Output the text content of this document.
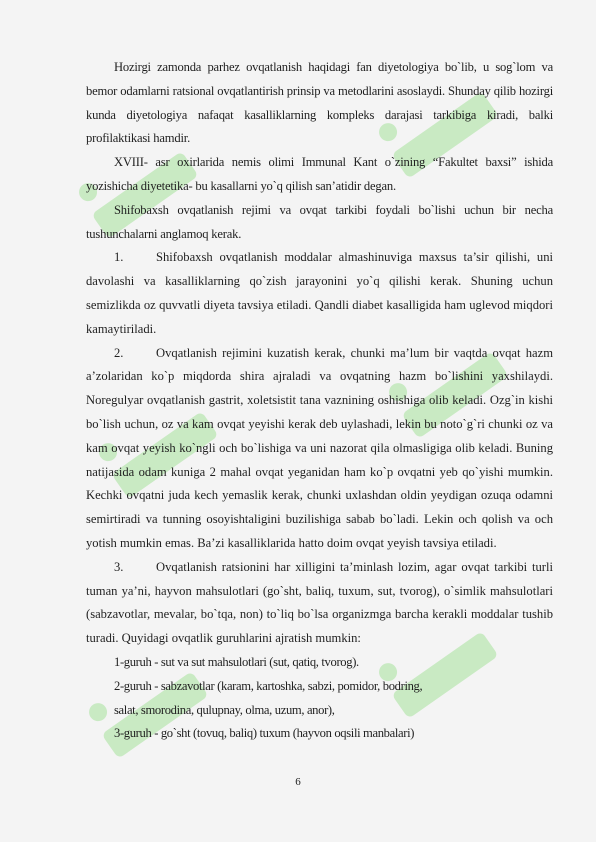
Hozirgi zamonda parhez ovqatlanish haqidagi fan diyetologiya bo`lib, u sog`lom va bemor odamlarni ratsional ovqatlantirish prinsip va metodlarini asoslaydi. Shunday qilib hozirgi kunda diyetologiya nafaqat kasalliklarning kompleks darajasi tarkibiga kiradi, balki profilaktikasi hamdir.

XVIII- asr oxirlarida nemis olimi Immunal Kant o`zining “Fakultet baxsi” ishida yozishicha diyetetika- bu kasallarni yo`q qilish san’atidir degan.

Shifobaxsh ovqatlanish rejimi va ovqat tarkibi foydali bo`lishi uchun bir necha tushunchalarni anglamoq kerak.

1.	Shifobaxsh ovqatlanish moddalar almashinuviga maxsus ta’sir qilishi, uni davolashi va kasalliklarning qo`zish jarayonini yo`q qilishi kerak. Shuning uchun semizlikda oz quvvatli diyeta tavsiya etiladi. Qandli diabet kasalligida ham uglevod miqdori kamaytiriladi.

2.	Ovqatlanish rejimini kuzatish kerak, chunki ma’lum bir vaqtda ovqat hazm a’zolaridan ko`p miqdorda shira ajraladi va ovqatning hazm bo`lishini yaxshilaydi. Noregulyar ovqatlanish gastrit, xoletsistit tana vaznining oshishiga olib keladi. Ozg`in kishi bo`lish uchun, oz va kam ovqat yeyishi kerak deb uylashadi, lekin bu noto`g`ri chunki oz va kam ovqat yeyish ko`ngli och bo`lishiga va uni nazorat qila olmasligiga olib keladi. Buning natijasida odam kuniga 2 mahal ovqat yeganidan ham ko`p ovqatni yeb qo`yishi mumkin. Kechki ovqatni juda kech yemaslik kerak, chunki uxlashdan oldin yeydigan ozuqa odamni semirtiradi va tunning osoyishtaligini buzilishiga sabab bo`ladi. Lekin och qolish va och yotish mumkin emas. Ba’zi kasalliklarida hatto doim ovqat yeyish tavsiya etiladi.

3.	Ovqatlanish ratsionini har xilligini ta’minlash lozim, agar ovqat tarkibi turli tuman ya’ni, hayvon mahsulotlari (go`sht, baliq, tuxum, sut, tvorog), o`simlik mahsulotlari (sabzavotlar, mevalar, bo`tqa, non) to`liq bo`lsa organizmga barcha kerakli moddalar tushib turadi. Quyidagi ovqatlik guruhlarini ajratish mumkin:

1-guruh - sut va sut mahsulotlari (sut, qatiq, tvorog).

2-guruh - sabzavotlar (karam, kartoshka, sabzi, pomidor, bodring,

salat, smorodina, qulupnay, olma, uzum, anor),

3-guruh - go`sht (tovuq, baliq) tuxum (hayvon oqsili manbalari)

6
